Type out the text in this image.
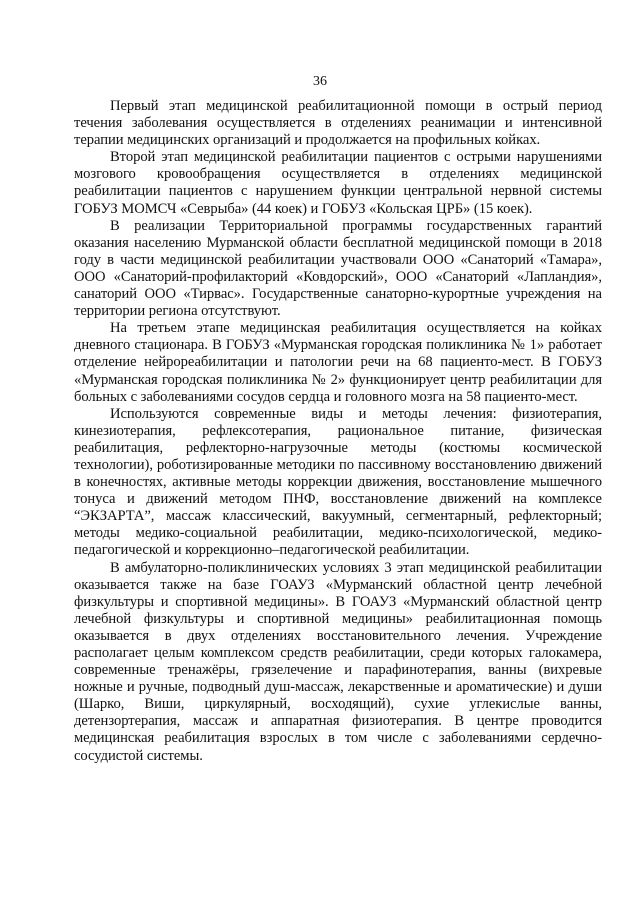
36

Первый этап медицинской реабилитационной помощи в острый период течения заболевания осуществляется в отделениях реанимации и интенсивной терапии медицинских организаций и продолжается на профильных койках.

Второй этап медицинской реабилитации пациентов с острыми нарушениями мозгового кровообращения осуществляется в отделениях медицинской реабилитации пациентов с нарушением функции центральной нервной системы ГОБУЗ МОМСЧ «Севрыба» (44 коек) и ГОБУЗ «Кольская ЦРБ» (15 коек).

В реализации Территориальной программы государственных гарантий оказания населению Мурманской области бесплатной медицинской помощи в 2018 году в части медицинской реабилитации участвовали ООО «Санаторий «Тамара», ООО «Санаторий-профилакторий «Ковдорский», ООО «Санаторий «Лапландия», санаторий ООО «Тирвас». Государственные санаторно-курортные учреждения на территории региона отсутствуют.

На третьем этапе медицинская реабилитация осуществляется на койках дневного стационара. В ГОБУЗ «Мурманская городская поликлиника № 1» работает отделение нейрореабилитации и патологии речи на 68 пациенто-мест. В ГОБУЗ «Мурманская городская поликлиника № 2» функционирует центр реабилитации для больных с заболеваниями сосудов сердца и головного мозга на 58 пациенто-мест.

Используются современные виды и методы лечения: физиотерапия, кинезиотерапия, рефлексотерапия, рациональное питание, физическая реабилитация, рефлекторно-нагрузочные методы (костюмы космической технологии), роботизированные методики по пассивному восстановлению движений в конечностях, активные методы коррекции движения, восстановление мышечного тонуса и движений методом ПНФ, восстановление движений на комплексе “ЭКЗАРТА”, массаж классический, вакуумный, сегментарный, рефлекторный; методы медико-социальной реабилитации, медико-психологической, медико-педагогической и коррекционно–педагогической реабилитации.

В амбулаторно-поликлинических условиях 3 этап медицинской реабилитации оказывается также на базе ГОАУЗ «Мурманский областной центр лечебной физкультуры и спортивной медицины». В ГОАУЗ «Мурманский областной центр лечебной физкультуры и спортивной медицины» реабилитационная помощь оказывается в двух отделениях восстановительного лечения. Учреждение располагает целым комплексом средств реабилитации, среди которых галокамера, современные тренажёры, грязелечение и парафинотерапия, ванны (вихревые ножные и ручные, подводный душ-массаж, лекарственные и ароматические) и души (Шарко, Виши, циркулярный, восходящий), сухие углекислые ванны, детензортерапия, массаж и аппаратная физиотерапия. В центре проводится медицинская реабилитация взрослых в том числе с заболеваниями сердечно-сосудистой системы.
